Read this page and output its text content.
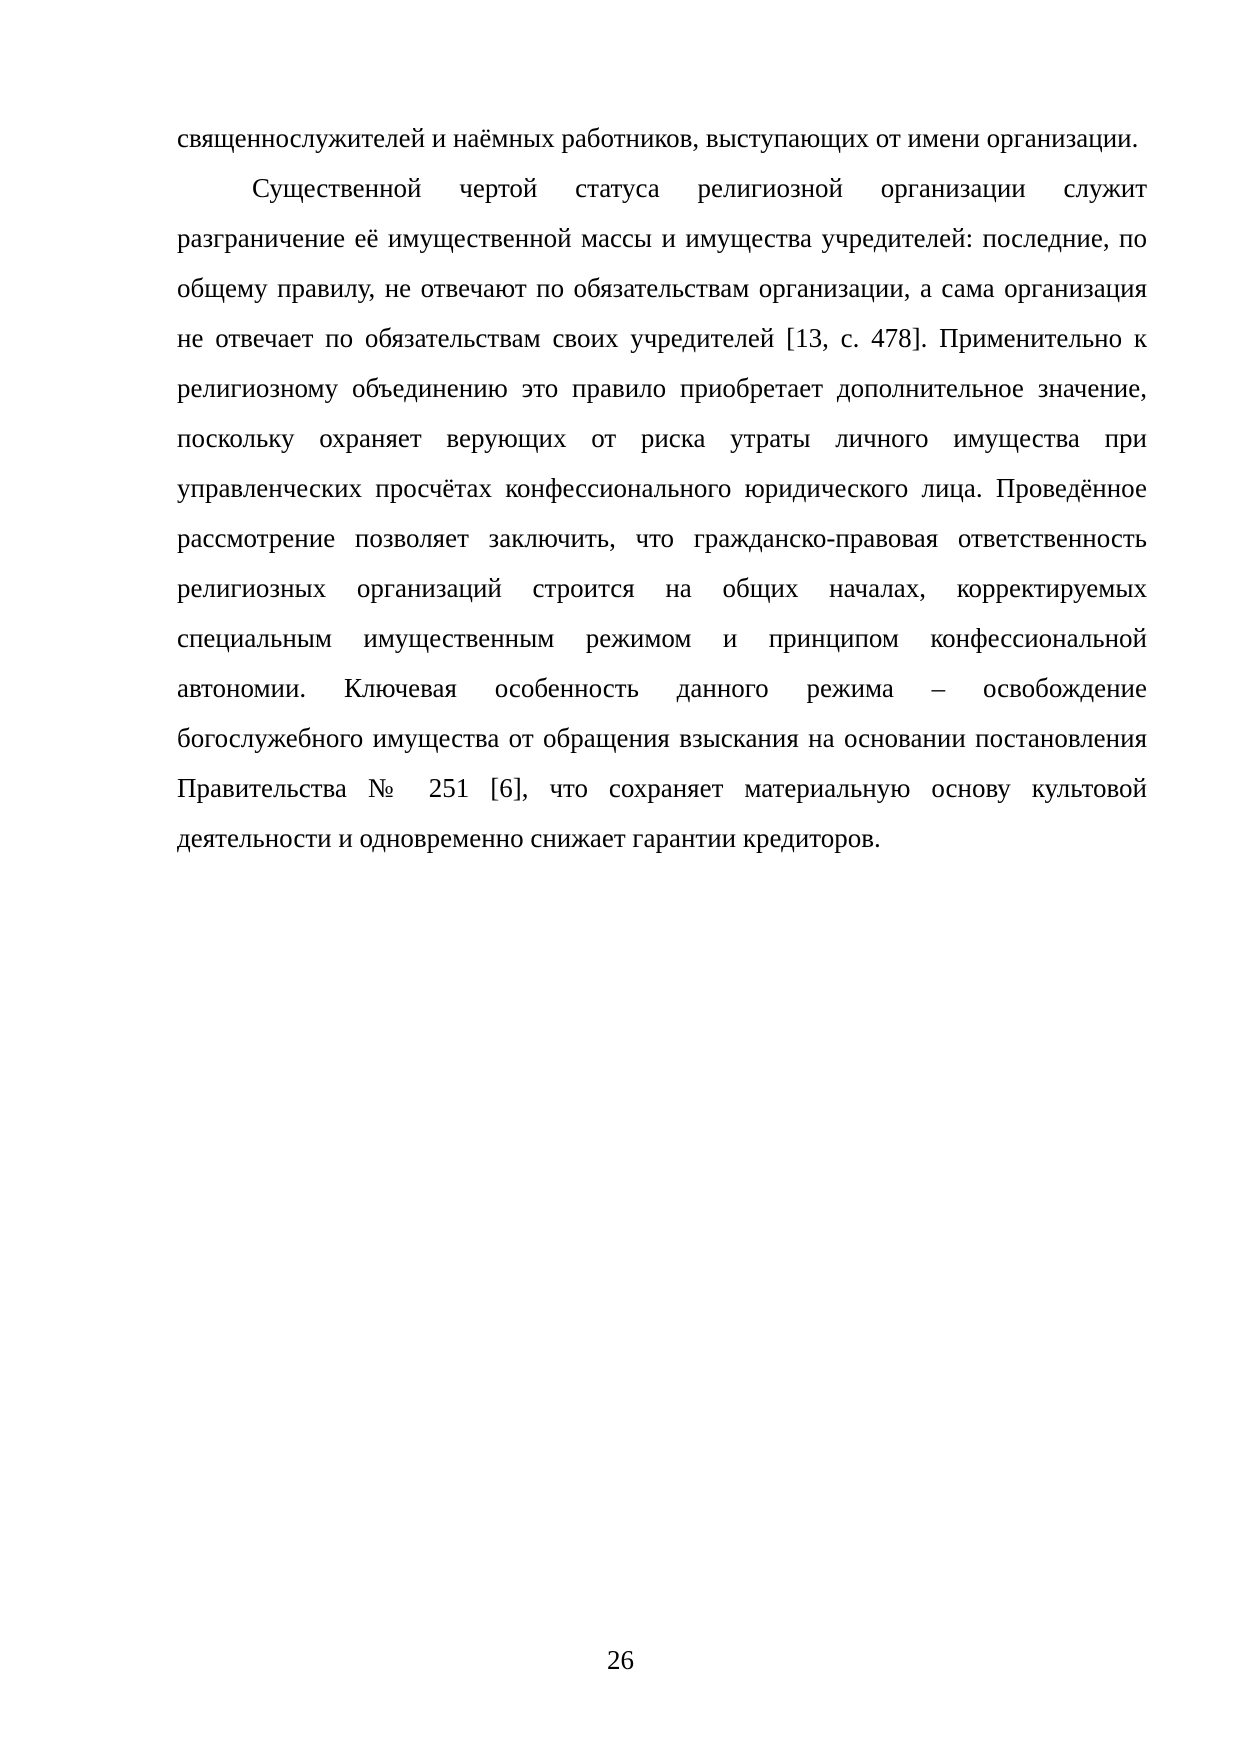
священнослужителей и наёмных работников, выступающих от имени организации.

Существенной чертой статуса религиозной организации служит разграничение её имущественной массы и имущества учредителей: последние, по общему правилу, не отвечают по обязательствам организации, а сама организация не отвечает по обязательствам своих учредителей [13, с. 478]. Применительно к религиозному объединению это правило приобретает дополнительное значение, поскольку охраняет верующих от риска утраты личного имущества при управленческих просчётах конфессионального юридического лица. Проведённое рассмотрение позволяет заключить, что гражданско-правовая ответственность религиозных организаций строится на общих началах, корректируемых специальным имущественным режимом и принципом конфессиональной автономии. Ключевая особенность данного режима – освобождение богослужебного имущества от обращения взыскания на основании постановления Правительства № 251 [6], что сохраняет материальную основу культовой деятельности и одновременно снижает гарантии кредиторов.

26
